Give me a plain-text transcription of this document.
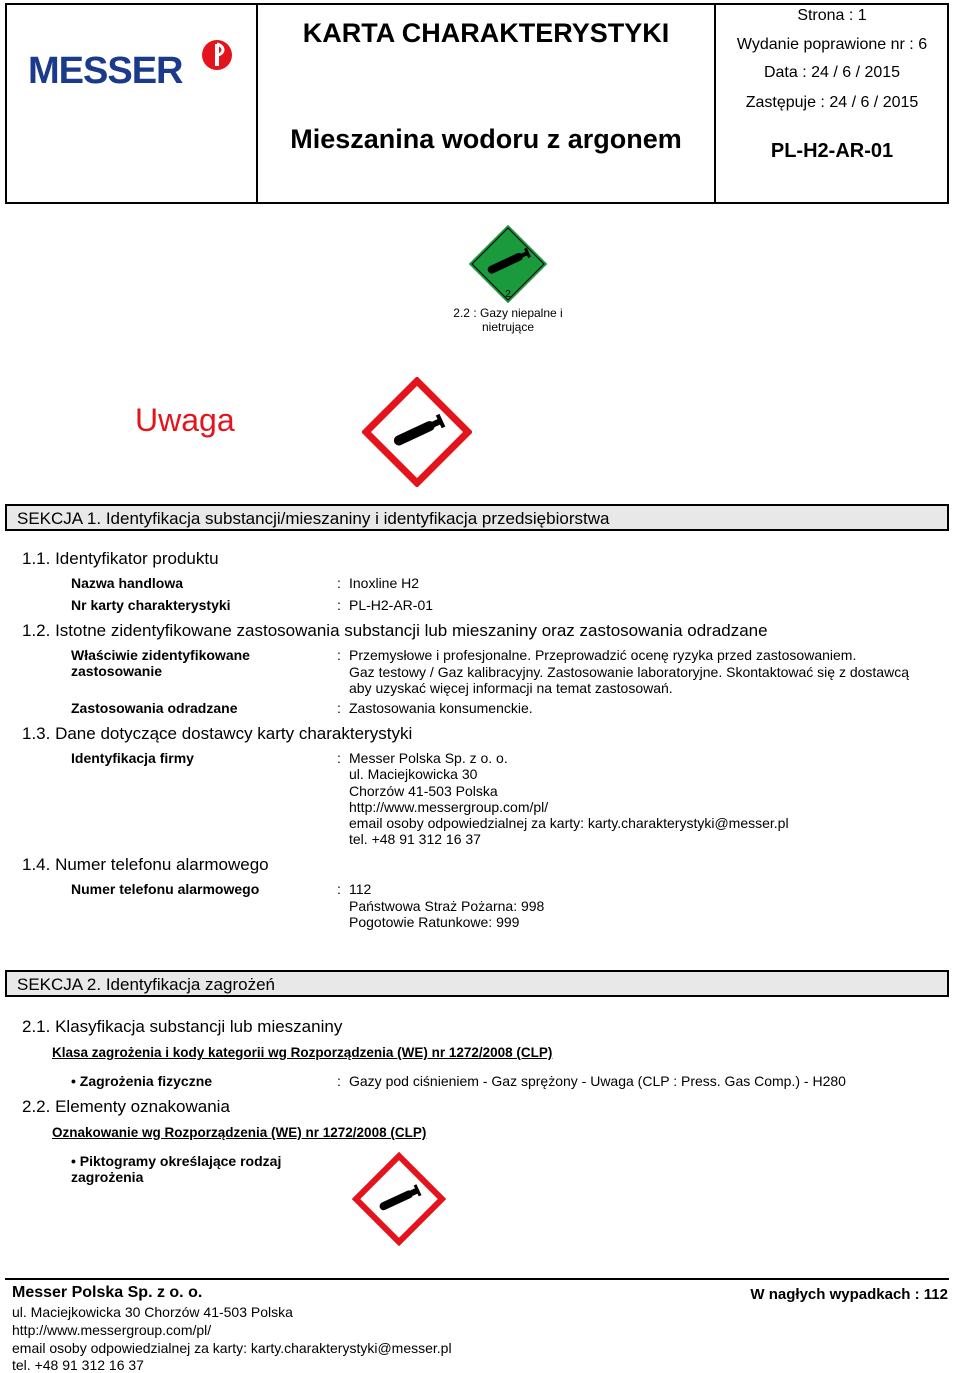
MESSER
KARTA CHARAKTERYSTYKI
Mieszanina wodoru z argonem
Strona : 1
Wydanie poprawione nr : 6
Data : 24 / 6 / 2015
Zastępuje : 24 / 6 / 2015
PL-H2-AR-01
2
2.2 : Gazy niepalne i
nietrujące
Uwaga
SEKCJA 1. Identyfikacja substancji/mieszaniny i identyfikacja przedsiębiorstwa
1.1. Identyfikator produktu
Nazwa handlowa	: Inoxline H2
Nr karty charakterystyki	: PL-H2-AR-01
1.2. Istotne zidentyfikowane zastosowania substancji lub mieszaniny oraz zastosowania odradzane
Właściwie zidentyfikowane
zastosowanie
: Przemysłowe i profesjonalne. Przeprowadzić ocenę ryzyka przed zastosowaniem.
Gaz testowy / Gaz kalibracyjny. Zastosowanie laboratoryjne. Skontaktować się z dostawcą
aby uzyskać więcej informacji na temat zastosowań.
Zastosowania odradzane	: Zastosowania konsumenckie.
1.3. Dane dotyczące dostawcy karty charakterystyki
Identyfikacja firmy	: Messer Polska Sp. z o. o.
ul. Maciejkowicka 30
Chorzów 41-503 Polska
http://www.messergroup.com/pl/
email osoby odpowiedzialnej za karty: karty.charakterystyki@messer.pl
tel. +48 91 312 16 37
1.4. Numer telefonu alarmowego
Numer telefonu alarmowego	: 112
Państwowa Straż Pożarna: 998
Pogotowie Ratunkowe: 999
SEKCJA 2. Identyfikacja zagrożeń
2.1. Klasyfikacja substancji lub mieszaniny
Klasa zagrożenia i kody kategorii wg Rozporządzenia (WE) nr 1272/2008 (CLP)
• Zagrożenia fizyczne	: Gazy pod ciśnieniem - Gaz sprężony - Uwaga (CLP : Press. Gas Comp.) - H280
2.2. Elementy oznakowania
Oznakowanie wg Rozporządzenia (WE) nr 1272/2008 (CLP)
• Piktogramy określające rodzaj
zagrożenia
Messer Polska Sp. z o. o.
ul. Maciejkowicka 30 Chorzów 41-503 Polska
http://www.messergroup.com/pl/
email osoby odpowiedzialnej za karty: karty.charakterystyki@messer.pl
tel. +48 91 312 16 37
W nagłych wypadkach : 112
